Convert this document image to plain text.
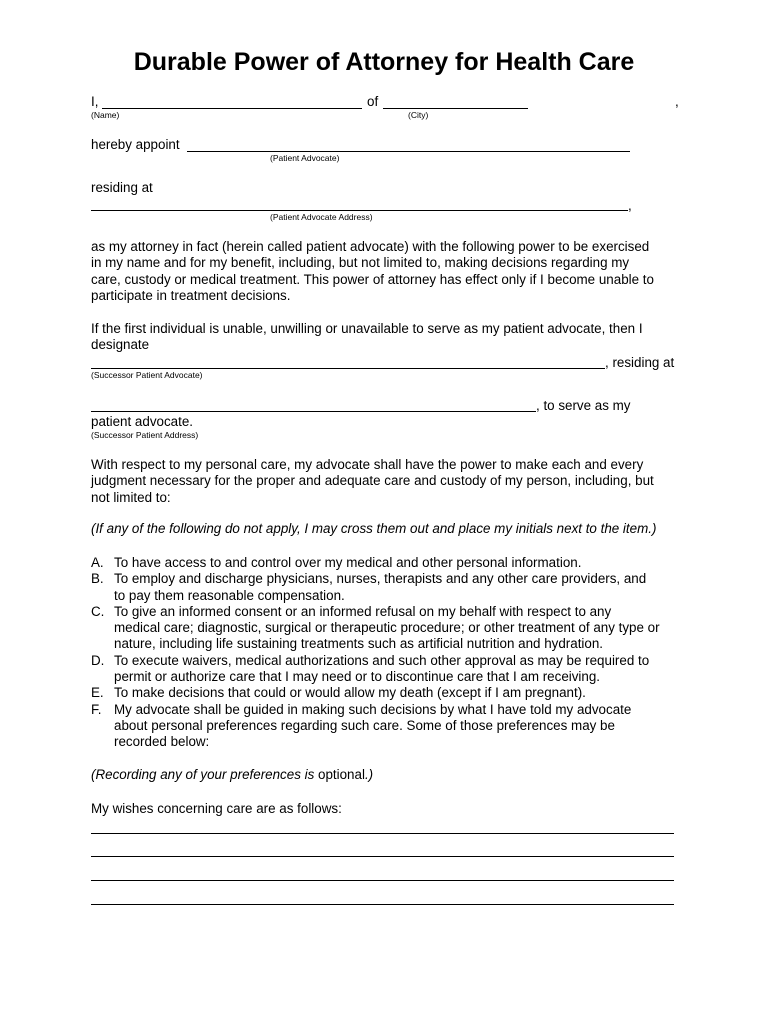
Durable Power of Attorney for Health Care
I,	of	,
(Name)	(City)
hereby appoint
(Patient Advocate)
residing at
,
(Patient Advocate Address)
as my attorney in fact (herein called patient advocate) with the following power to be exercised
in my name and for my benefit, including, but not limited to, making decisions regarding my
care, custody or medical treatment. This power of attorney has effect only if I become unable to
participate in treatment decisions.
If the first individual is unable, unwilling or unavailable to serve as my patient advocate, then I
designate
, residing at
(Successor Patient Advocate)
, to serve as my
patient advocate.
(Successor Patient Address)
With respect to my personal care, my advocate shall have the power to make each and every
judgment necessary for the proper and adequate care and custody of my person, including, but
not limited to:
(If any of the following do not apply, I may cross them out and place my initials next to the item.)
A. To have access to and control over my medical and other personal information.
B. To employ and discharge physicians, nurses, therapists and any other care providers, and
to pay them reasonable compensation.
C. To give an informed consent or an informed refusal on my behalf with respect to any
medical care; diagnostic, surgical or therapeutic procedure; or other treatment of any type or
nature, including life sustaining treatments such as artificial nutrition and hydration.
D. To execute waivers, medical authorizations and such other approval as may be required to
permit or authorize care that I may need or to discontinue care that I am receiving.
E. To make decisions that could or would allow my death (except if I am pregnant).
F. My advocate shall be guided in making such decisions by what I have told my advocate
about personal preferences regarding such care. Some of those preferences may be
recorded below:
(Recording any of your preferences is optional.)
My wishes concerning care are as follows:
